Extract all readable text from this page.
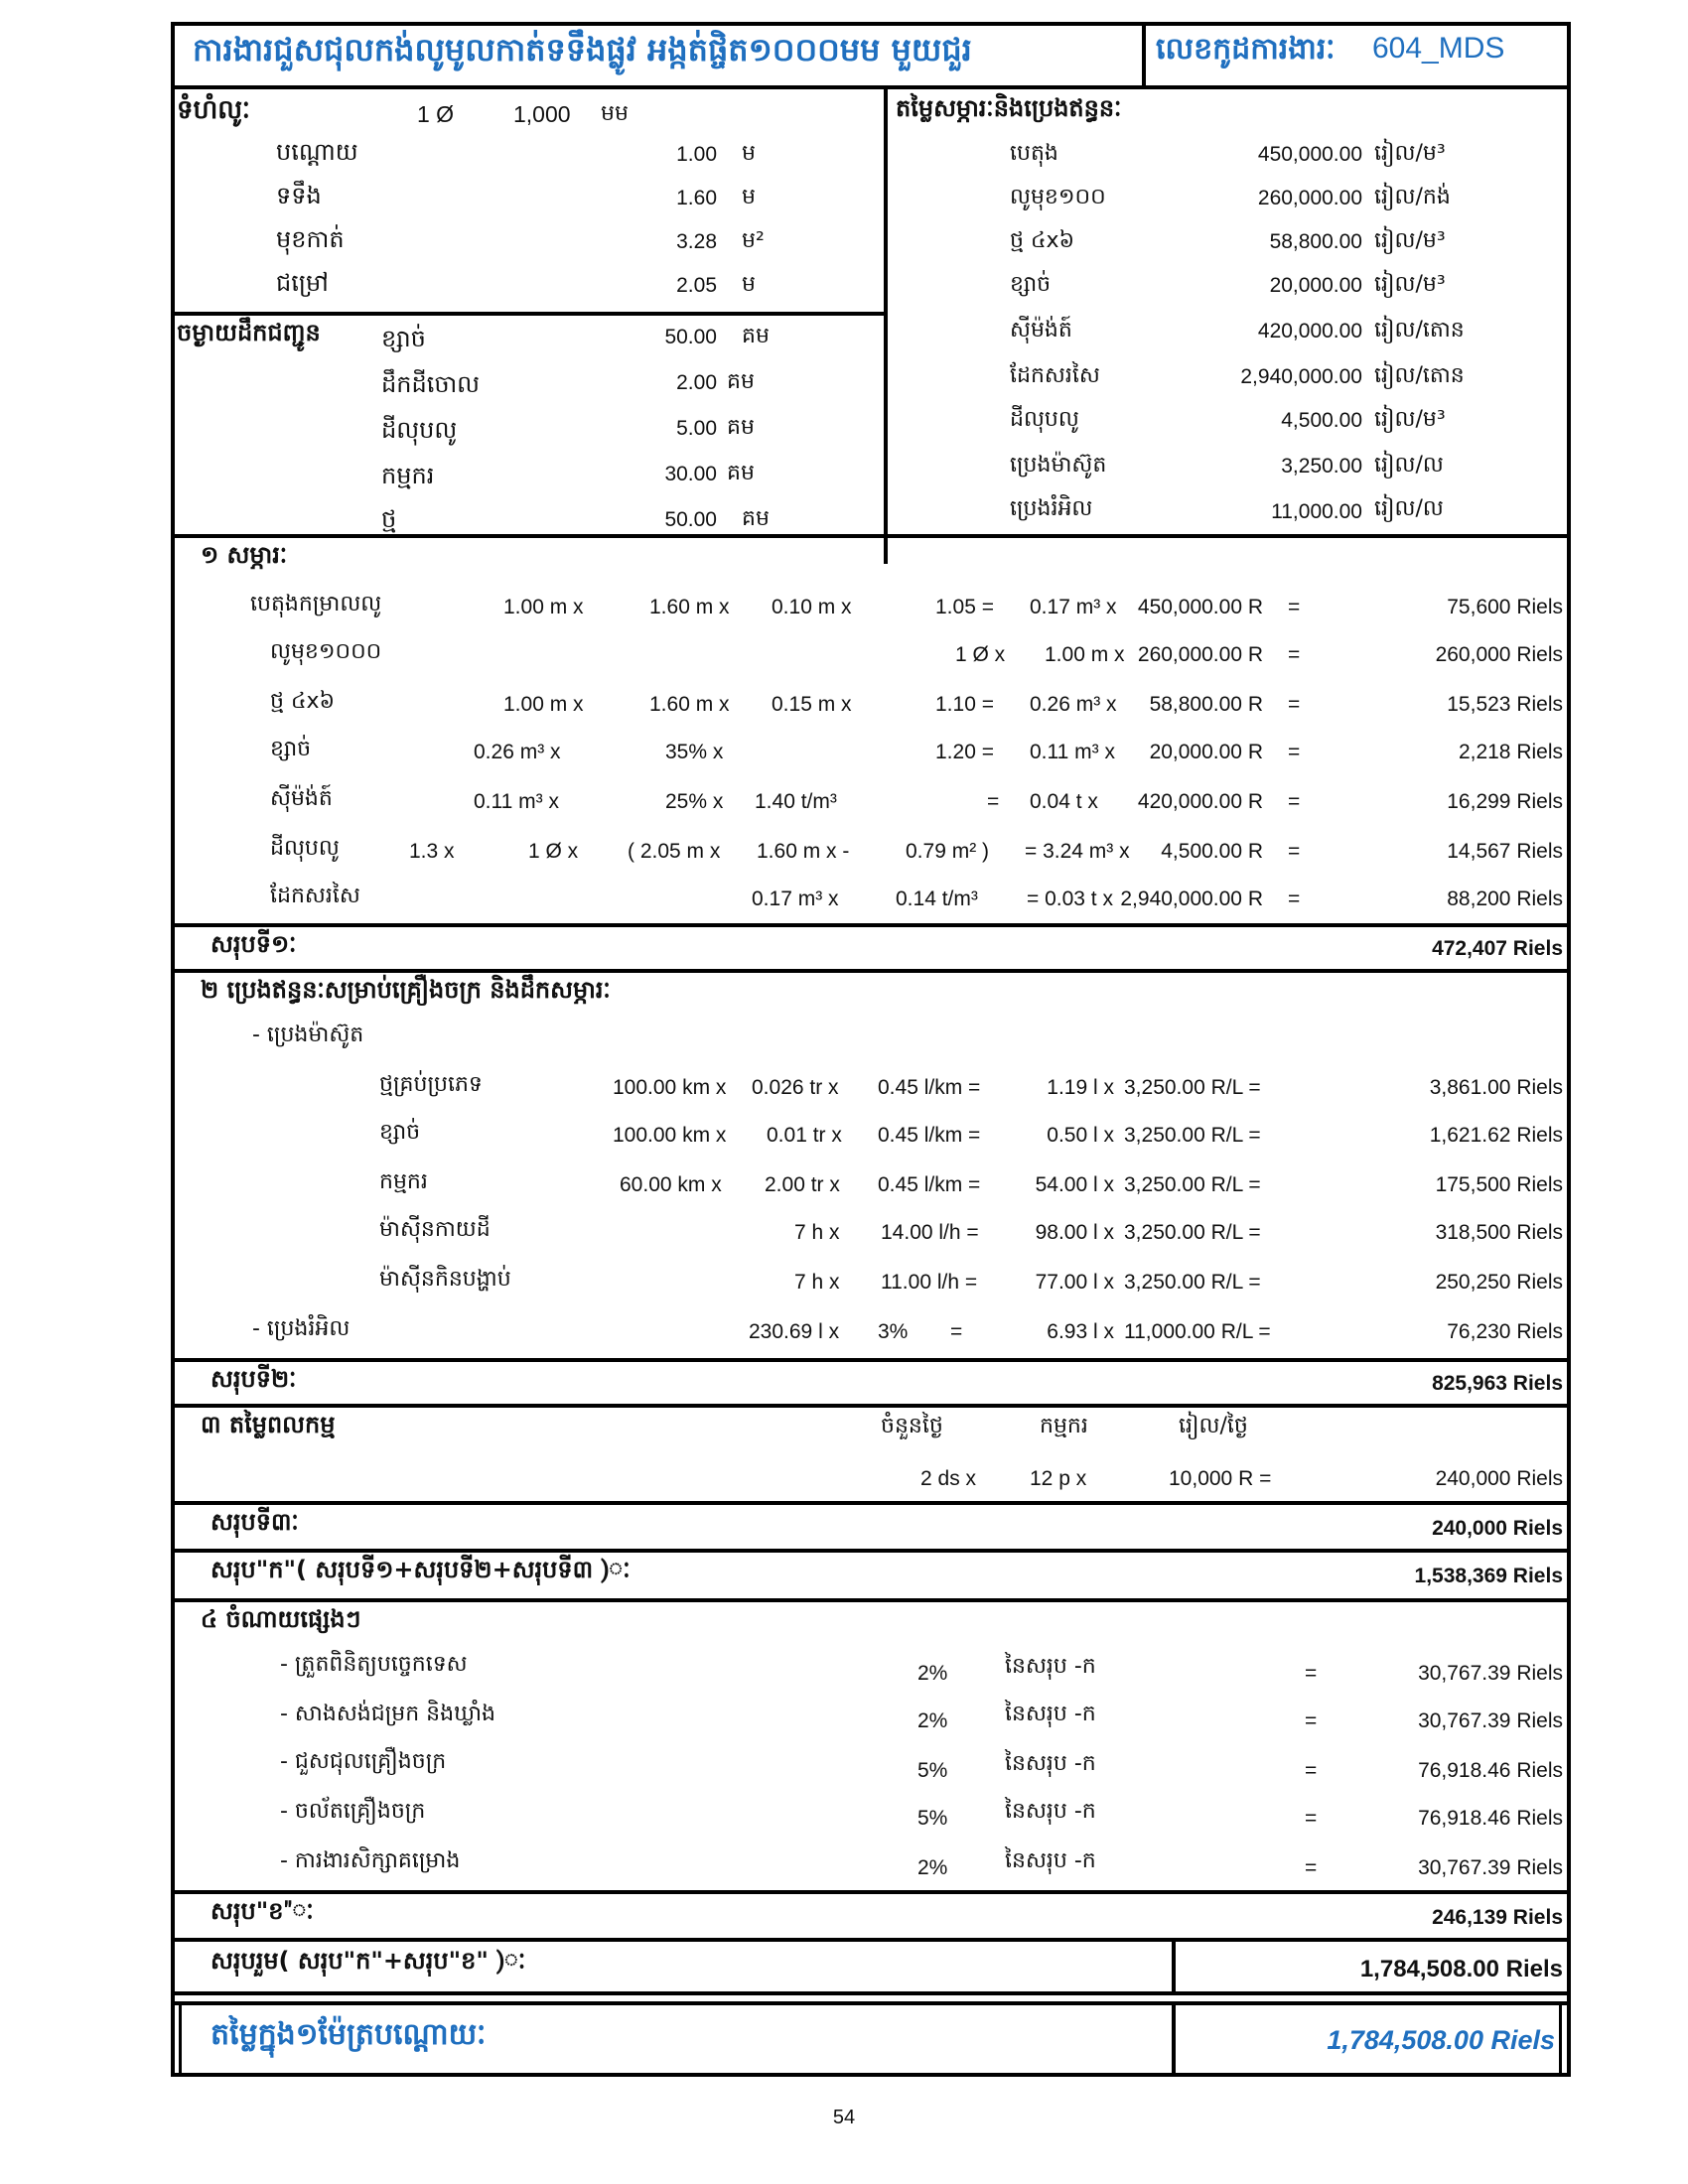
ការងារជួសជុលកង់លូមូលកាត់ទទឹងផ្លូវ អង្កត់ផ្ចិត១០០០មម មួយជួរ	លេខកូដការងារៈ 604_MDS
ទំហំលូៈ	1 Ø	1,000 មម
បណ្ដោយ	1.00 ម
ទទឹង	1.60 ម
មុខកាត់	3.28 ម²
ជម្រៅ	2.05 ម
ចម្ងាយដឹកជញ្ជូន	ខ្សាច់	50.00 គម
ដឹកដីចោល	2.00 គម
ដីលុបលូ	5.00 គម
កម្មករ	30.00 គម
ថ្ម	50.00 គម
តម្លៃសម្ភារៈនិងប្រេងឥន្ធនៈ
បេតុង	450,000.00 រៀល/ម³
លូមុខ១០០	260,000.00 រៀល/កង់
ថ្ម ៤x៦	58,800.00 រៀល/ម³
ខ្សាច់	20,000.00 រៀល/ម³
ស៊ីម៉ង់ត៍	420,000.00 រៀល/តោន
ដែកសរសៃ	2,940,000.00 រៀល/តោន
ដីលុបលូ	4,500.00 រៀល/ម³
ប្រេងម៉ាស៊ូត	3,250.00 រៀល/ល
ប្រេងរំអិល	11,000.00 រៀល/ល
១ សម្ភារៈ
បេតុងកម្រាលលូ	1.00 m x	1.60 m x 0.10 m x	1.05 = 0.17 m³ x	450,000.00 R =	75,600 Riels
លូមុខ១០០០	1 Ø x 1.00 m x 260,000.00 R =	260,000 Riels
ថ្ម ៤x៦	1.00 m x	1.60 m x 0.15 m x	1.10 = 0.26 m³ x	58,800.00 R =	15,523 Riels
ខ្សាច់	0.26 m³ x	35% x	1.20 = 0.11 m³ x	20,000.00 R =	2,218 Riels
ស៊ីម៉ង់ត៍	0.11 m³ x	25% x 1.40 t/m³	= 0.04 t x	420,000.00 R =	16,299 Riels
ដីលុបលូ	1.3 x	1 Ø x ( 2.05 m x 1.60 m x -	0.79 m² ) = 3.24 m³ x	4,500.00 R =	14,567 Riels
ដែកសរសៃ	0.17 m³ x	0.14 t/m³ = 0.03 t x 2,940,000.00 R =	88,200 Riels
សរុបទី១ៈ	472,407 Riels
២ ប្រេងឥន្ធនៈសម្រាប់គ្រឿងចក្រ និងដឹកសម្ភារៈ
- ប្រេងម៉ាស៊ូត
ថ្មគ្រប់ប្រភេទ	100.00 km x 0.026 tr x 0.45 l/km =	1.19 l x 3,250.00 R/L =	3,861.00 Riels
ខ្សាច់	100.00 km x 0.01 tr x 0.45 l/km =	0.50 l x 3,250.00 R/L =	1,621.62 Riels
កម្មករ	60.00 km x 2.00 tr x 0.45 l/km =	54.00 l x 3,250.00 R/L =	175,500 Riels
ម៉ាស៊ីនកាយដី	7 h x 14.00 l/h =	98.00 l x 3,250.00 R/L =	318,500 Riels
ម៉ាស៊ីនកិនបង្ហាប់	7 h x 11.00 l/h =	77.00 l x 3,250.00 R/L =	250,250 Riels
- ប្រេងរំអិល	230.69 l x 3% =	6.93 l x 11,000.00 R/L =	76,230 Riels
សរុបទី២ៈ	825,963 Riels
៣ តម្លៃពលកម្ម	ចំនួនថ្ងៃ	កម្មករ	រៀល/ថ្ងៃ
2 ds x	12 p x	10,000 R =	240,000 Riels
សរុបទី៣ៈ	240,000 Riels
សរុប"ក"( សរុបទី១+សរុបទី២+សរុបទី៣ )ៈ	1,538,369 Riels
៤ ចំណាយផ្សេងៗ
- ត្រួតពិនិត្យបច្ចេកទេស	2%	នៃសរុប -ក	=	30,767.39 Riels
- សាងសង់ជម្រក និងឃ្លាំង	2%	នៃសរុប -ក	=	30,767.39 Riels
- ជួសជុលគ្រឿងចក្រ	5%	នៃសរុប -ក	=	76,918.46 Riels
- ចល័តគ្រឿងចក្រ	5%	នៃសរុប -ក	=	76,918.46 Riels
- ការងារសិក្សាគម្រោង	2%	នៃសរុប -ក	=	30,767.39 Riels
សរុប"ខ"ៈ	246,139 Riels
សរុបរួម( សរុប"ក"+សរុប"ខ" )ៈ	1,784,508.00 Riels
តម្លៃក្នុង១ម៉ែត្របណ្ដោយៈ	1,784,508.00 Riels
54
